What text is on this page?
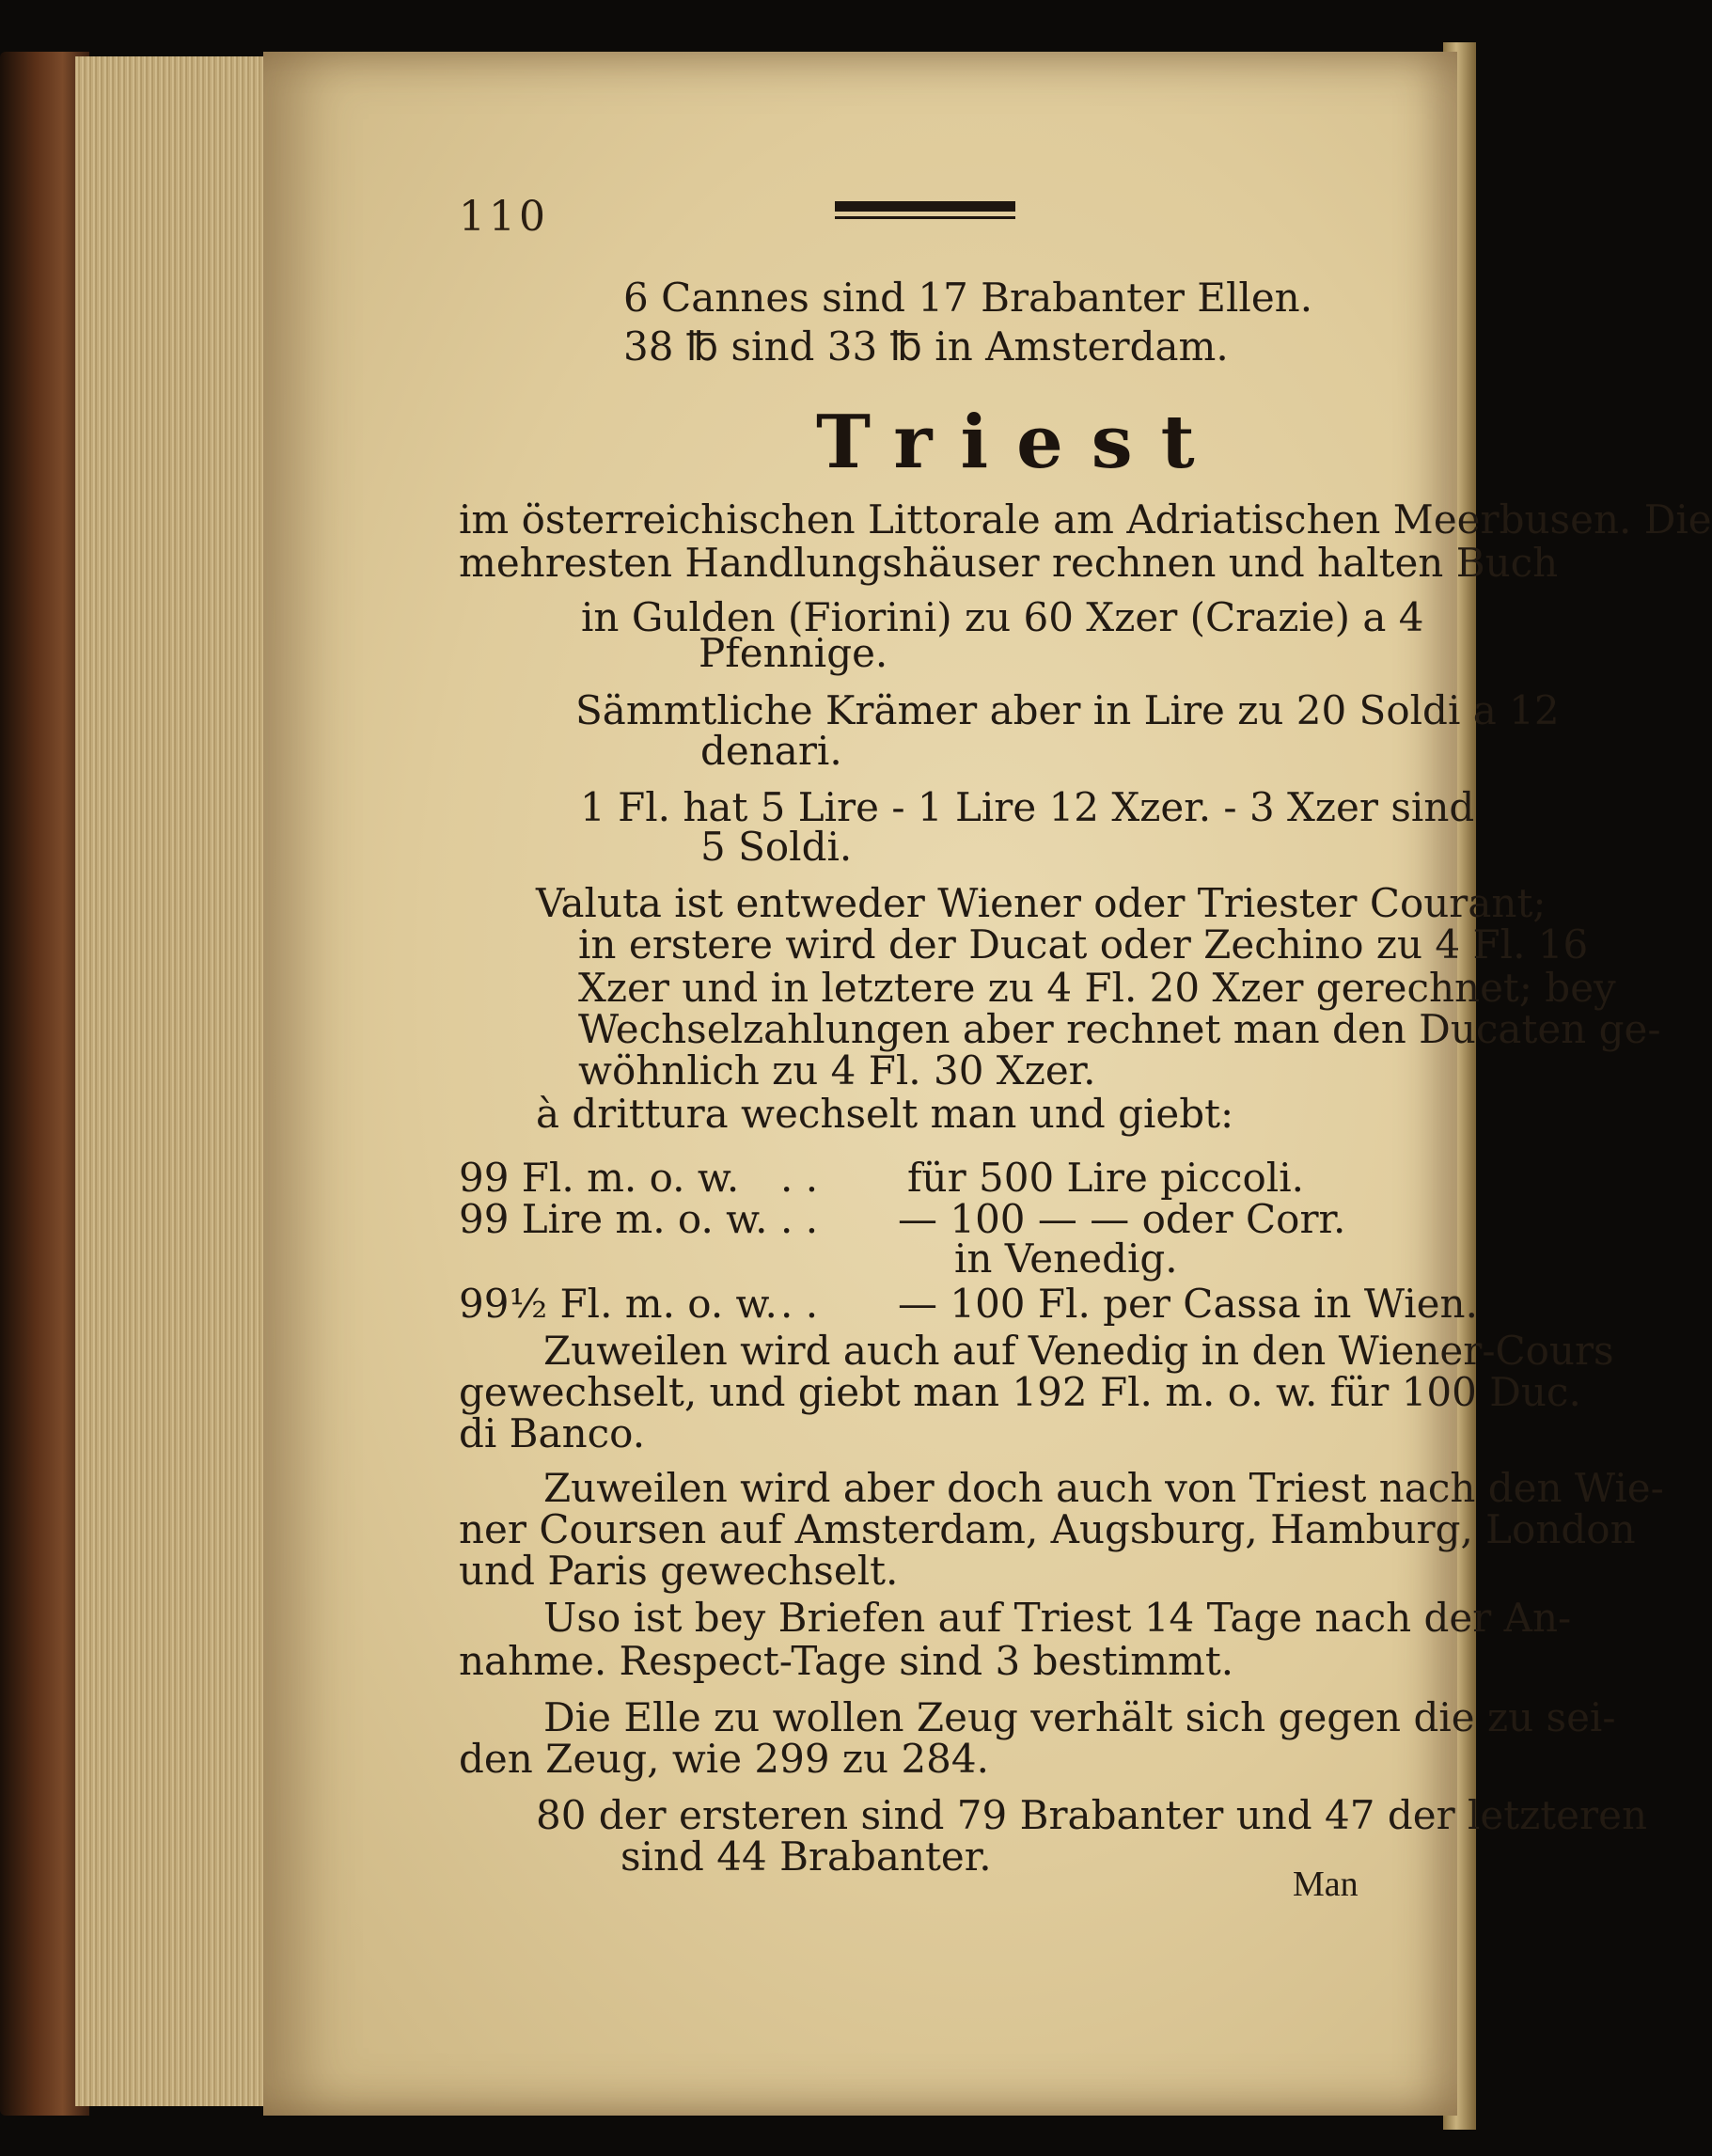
110
6 Cannes sind 17 Brabanter Ellen.
38 ℔ sind 33 ℔ in Amsterdam.
Triest
im österreichischen Littorale am Adriatischen Meerbusen. Die
mehresten Handlungshäuser rechnen und halten Buch
in Gulden (Fiorini) zu 60 Xzer (Crazie) a 4
Pfennige.
Sämmtliche Krämer aber in Lire zu 20 Soldi a 12
denari.
1 Fl. hat 5 Lire - 1 Lire 12 Xzer. - 3 Xzer sind
5 Soldi.
Valuta ist entweder Wiener oder Triester Courant;
in erstere wird der Ducat oder Zechino zu 4 Fl. 16
Xzer und in letztere zu 4 Fl. 20 Xzer gerechnet; bey
Wechselzahlungen aber rechnet man den Ducaten ge-
wöhnlich zu 4 Fl. 30 Xzer.
à drittura wechselt man und giebt:
99 Fl. m. o. w. . . für 500 Lire piccoli.
99 Lire m. o. w. . . — 100 — — oder Corr.
in Venedig.
99½ Fl. m. o. w. . . — 100 Fl. per Cassa in Wien.
Zuweilen wird auch auf Venedig in den Wiener-Cours
gewechselt, und giebt man 192 Fl. m. o. w. für 100 Duc.
di Banco.
Zuweilen wird aber doch auch von Triest nach den Wie-
ner Coursen auf Amsterdam, Augsburg, Hamburg, London
und Paris gewechselt.
Uso ist bey Briefen auf Triest 14 Tage nach der An-
nahme. Respect-Tage sind 3 bestimmt.
Die Elle zu wollen Zeug verhält sich gegen die zu sei-
den Zeug, wie 299 zu 284.
80 der ersteren sind 79 Brabanter und 47 der letzteren
sind 44 Brabanter.
Man
